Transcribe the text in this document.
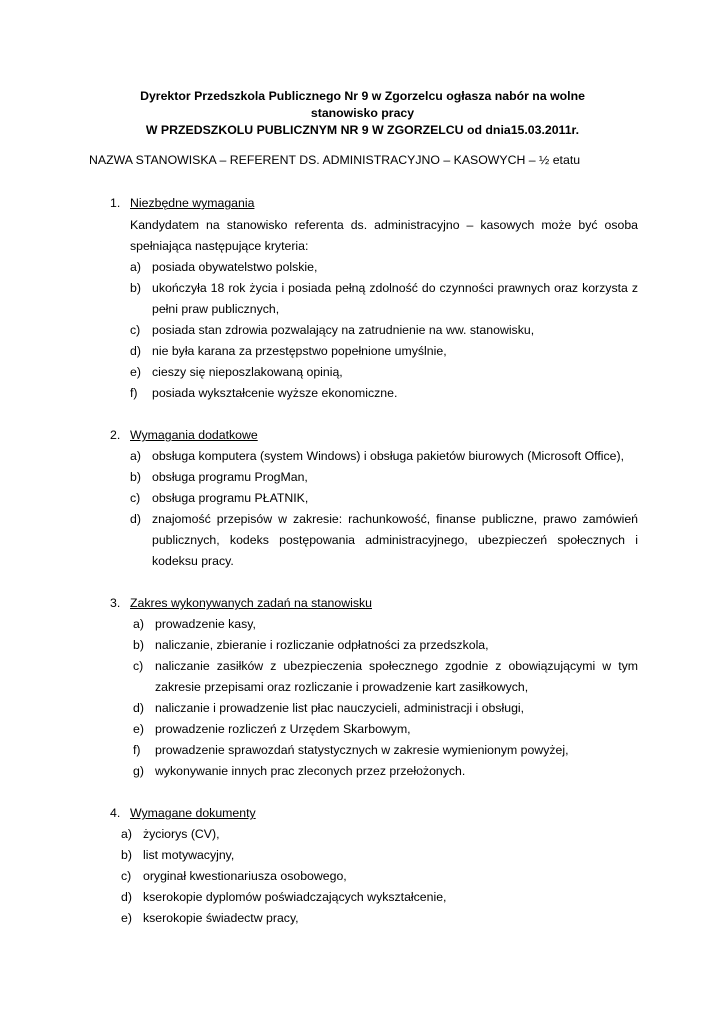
Dyrektor Przedszkola Publicznego Nr 9 w Zgorzelcu ogłasza nabór na wolne
stanowisko pracy
W PRZEDSZKOLU PUBLICZNYM NR 9 W ZGORZELCU od dnia15.03.2011r.
NAZWA STANOWISKA – REFERENT DS. ADMINISTRACYJNO – KASOWYCH – ½ etatu
1. Niezbędne wymagania
Kandydatem na stanowisko referenta ds. administracyjno – kasowych może być osoba
spełniająca następujące kryteria:
a) posiada obywatelstwo polskie,
b) ukończyła 18 rok życia i posiada pełną zdolność do czynności prawnych oraz korzysta z
pełni praw publicznych,
c) posiada stan zdrowia pozwalający na zatrudnienie na ww. stanowisku,
d) nie była karana za przestępstwo popełnione umyślnie,
e) cieszy się nieposzlakowaną opinią,
f) posiada wykształcenie wyższe ekonomiczne.
2. Wymagania dodatkowe
a) obsługa komputera (system Windows) i obsługa pakietów biurowych (Microsoft Office),
b) obsługa programu ProgMan,
c) obsługa programu PŁATNIK,
d) znajomość przepisów w zakresie: rachunkowość, finanse publiczne, prawo zamówień
publicznych, kodeks postępowania administracyjnego, ubezpieczeń społecznych i
kodeksu pracy.
3. Zakres wykonywanych zadań na stanowisku
a) prowadzenie kasy,
b) naliczanie, zbieranie i rozliczanie odpłatności za przedszkola,
c) naliczanie zasiłków z ubezpieczenia społecznego zgodnie z obowiązującymi w tym
zakresie przepisami oraz rozliczanie i prowadzenie kart zasiłkowych,
d) naliczanie i prowadzenie list płac nauczycieli, administracji i obsługi,
e) prowadzenie rozliczeń z Urzędem Skarbowym,
f) prowadzenie sprawozdań statystycznych w zakresie wymienionym powyżej,
g) wykonywanie innych prac zleconych przez przełożonych.
4. Wymagane dokumenty
a) życiorys (CV),
b) list motywacyjny,
c) oryginał kwestionariusza osobowego,
d) kserokopie dyplomów poświadczających wykształcenie,
e) kserokopie świadectw pracy,
